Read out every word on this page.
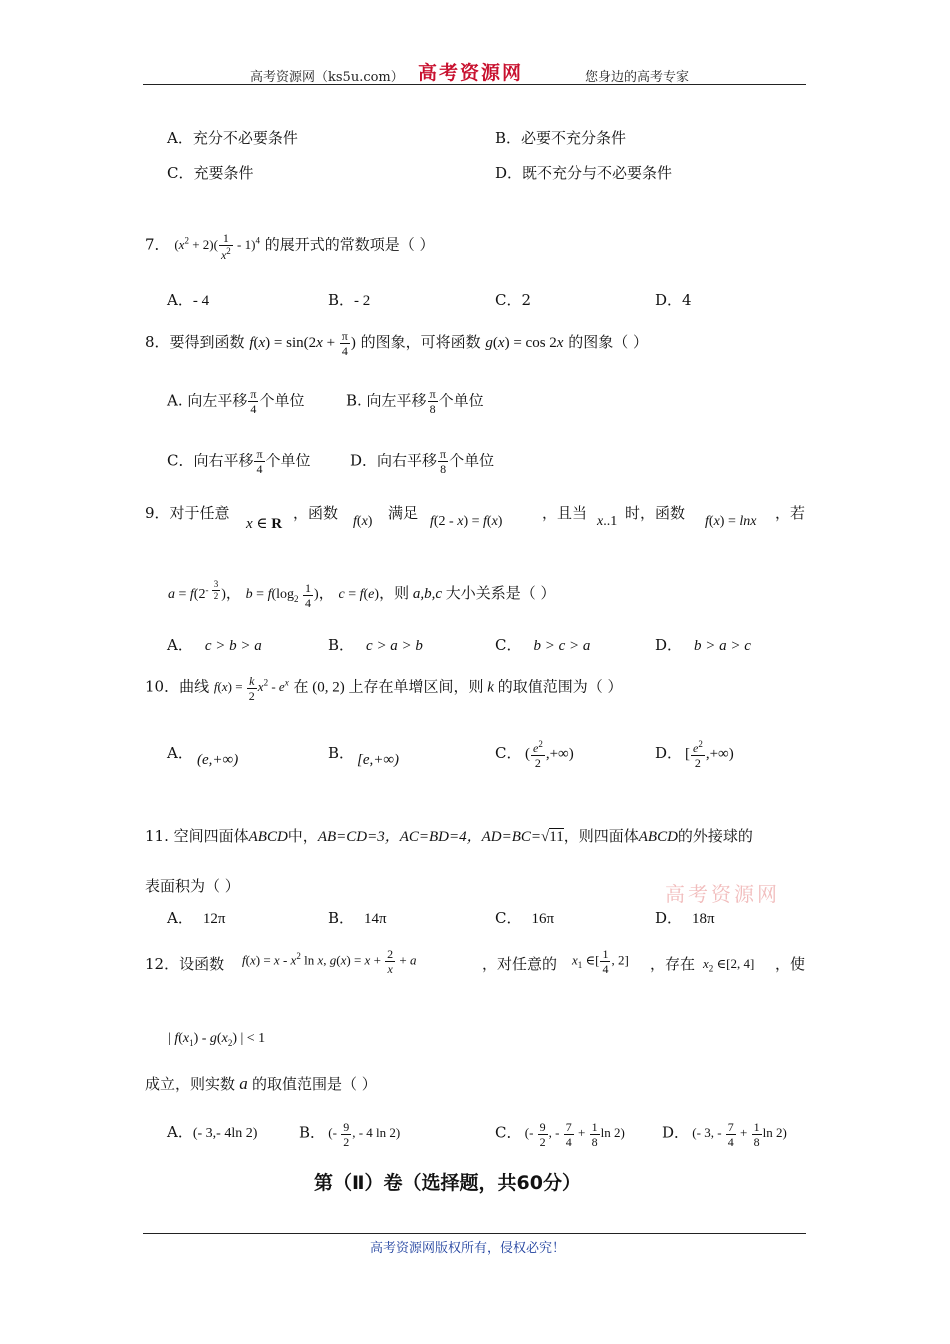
高考资源网（ks5u.com） 高考资源网	您身边的高考专家
A．充分不必要条件	B．必要不充分条件
C．充要条件	D．既不充分与不必要条件
7． $(x^2 + 2)( \frac{1}{x^2} - 1)^4$ 的展开式的常数项是（ ）
A．- 4	B．- 2	C．2	D．4
8．要得到函数 $f(x) = \sin(2x + \frac{\pi}{4}$ ) 的图象，可将函数 g(x) = cos 2x 的图象（ ）
A. 向左平移 $\frac{\pi}{4}$ 个单位	B. 向左平移 $\frac{\pi}{8}$ 个单位
C．向右平移 $\frac{\pi}{4}$ 个单位	D．向右平移 $\frac{\pi}{8}$ 个单位
9．对于任意
x ∈ R
，函数 f(x) 满足 f(2 - x) = f(x)	，且当 x..1 时，函数 f(x) = lnx ，若
$a = f(2^{- \frac{3}{2}}$ )， $b = f(\log_2 \frac{1}{4}$ )， c = f(e)，则 a,b,c 大小关系是（ ）
A． c > b > a	B． c > a > b	C． b > c > a	D． b > a > c
10．曲线 $f(x) = \frac{k}{2} x^2 - e^x$ 在 (0, 2) 上存在单增区间，则 k 的取值范围为（ ）
A． (e,+∞)	B． [e,+∞)	C． ( $\frac{e^2}{2}$ ,+∞)	D． [ $\frac{e^2}{2}$ ,+∞)
11. 空间四面体ABCD中，AB=CD=3，AC=BD=4，AD=BC=√11，则四面体ABCD的外接球的
表面积为（ ）	高考资源网
A． 12π	B． 14π	C． 16π	D． 18π
12．设函数 $f(x) = x - x^2$ ln x, $g(x) = x + \frac{2}{x} + a$	，对任意的 $x_1$ ∈[ $\frac{1}{4}$ , 2] ，存在 $x_2$ ∈[2, 4] ，使
| $f(x_1) - g(x_2)$ | < 1
成立，则实数 a 的取值范围是（ ）
A．(- 3,- 4ln 2)	B． (- $\frac{9}{2}$ , - 4 ln 2)	C． (- $\frac{9}{2}$ , - $\frac{7}{4} + \frac{1}{8}$ ln 2) D． (- 3, - $\frac{7}{4} + \frac{1}{8}$ ln 2)
第（Ⅱ）卷（选择题，共60分）
高考资源网版权所有，侵权必究！
